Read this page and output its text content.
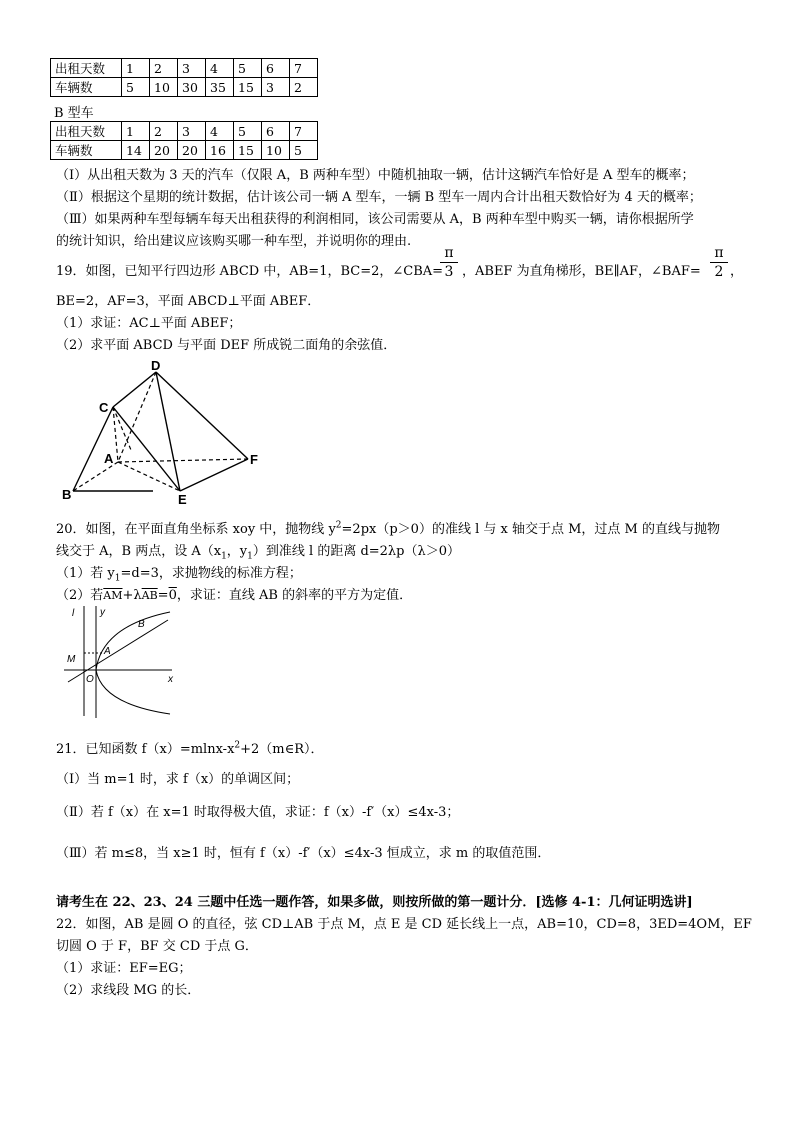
出租天数	1	2	3	4	5	6	7
车辆数	5	10	30	35	15	3	2
B 型车
出租天数	1	2	3	4	5	6	7
车辆数	14	20	20	16	15	10	5
（Ⅰ）从出租天数为 3 天的汽车（仅限 A，B 两种车型）中随机抽取一辆，估计这辆汽车恰好是 A 型车的概率；
（Ⅱ）根据这个星期的统计数据，估计该公司一辆 A 型车，一辆 B 型车一周内合计出租天数恰好为 4 天的概率；
（Ⅲ）如果两种车型每辆车每天出租获得的利润相同，该公司需要从 A，B 两种车型中购买一辆，请你根据所学
的统计知识，给出建议应该购买哪一种车型，并说明你的理由.
19．如图，已知平行四边形 ABCD 中，AB=1，BC=2，∠CBA=
π
3 ，ABEF 为直角梯形，BE∥AF，∠BAF=
π
2 ，
BE=2，AF=3，平面 ABCD⊥平面 ABEF．
（1）求证：AC⊥平面 ABEF；
（2）求平面 ABCD 与平面 DEF 所成锐二面角的余弦值．
D
C
A	F
B	E
20．如图，在平面直角坐标系 xoy 中，抛物线 $y^2=2px(p>0)$的准线 l 与 x 轴交于点 M，过点 M 的直线与抛物
线交于 A，B 两点，设 $A(x_1$，$y_1$）到准线 l 的距离 d=2λp（λ＞0）
（1）若 $y_1=d=3$，求抛物线的标准方程；
（2）若$\overline{AM}+\lambda\overline{AB}=0$，求证：直线 AB 的斜率的平方为定值．
l	y
B
M
A
O	x
21．已知函数 $f(x)=mlnx-x^2+2(m\in R)$．
（Ⅰ）当 m=1 时，求 f（x）的单调区间；
（Ⅱ）若 f（x）在 x=1 时取得极大值，求证：f（x）-f′（x）≤4x-3；
（Ⅲ）若 m≤8，当 x≥1 时，恒有 f（x）-f′（x）≤4x-3 恒成立，求 m 的取值范围．
请考生在 22、23、24 三题中任选一题作答，如果多做，则按所做的第一题计分．[选修 4-1：几何证明选讲]
22．如图，AB 是圆 O 的直径，弦 CD⊥AB 于点 M，点 E 是 CD 延长线上一点，AB=10，CD=8，3ED=4OM，EF
切圆 O 于 F，BF 交 CD 于点 G．
（1）求证：EF=EG；
（2）求线段 MG 的长．
